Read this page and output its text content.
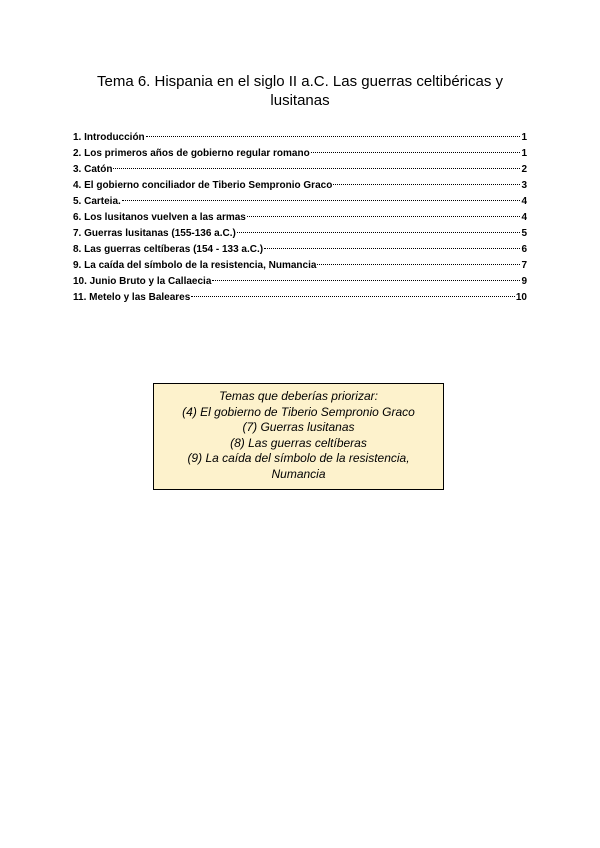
Tema 6. Hispania en el siglo II a.C. Las guerras celtibéricas y lusitanas
1. Introducción	1
2. Los primeros años de gobierno regular romano	1
3. Catón	2
4. El gobierno conciliador de Tiberio Sempronio Graco	3
5. Carteia.	4
6. Los lusitanos vuelven a las armas	4
7. Guerras lusitanas (155-136 a.C.)	5
8. Las guerras celtíberas (154 - 133 a.C.)	6
9. La caída del símbolo de la resistencia, Numancia	7
10. Junio Bruto y la Callaecia	9
11. Metelo y las Baleares	10
Temas que deberías priorizar:
(4) El gobierno de Tiberio Sempronio Graco
(7) Guerras lusitanas
(8) Las guerras celtíberas
(9) La caída del símbolo de la resistencia,
Numancia
